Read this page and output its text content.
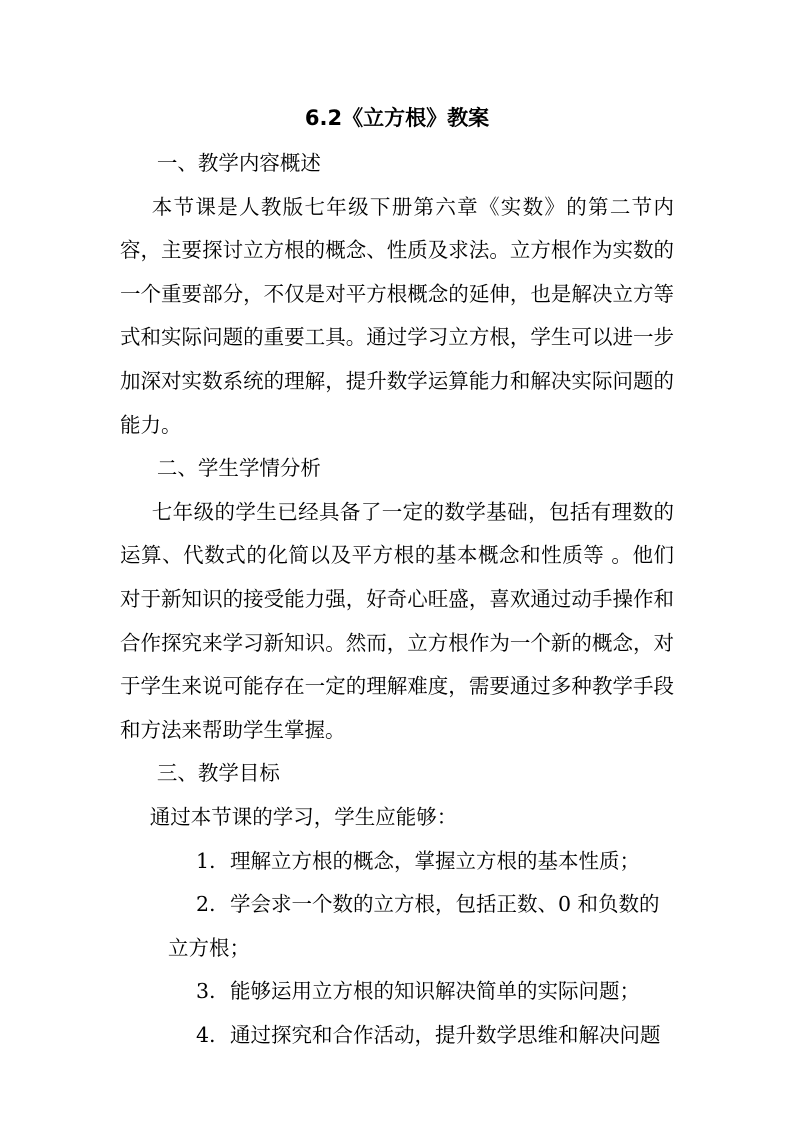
6.2《立方根》教案

一、教学内容概述

本节课是人教版七年级下册第六章《实数》的第二节内容，主要探讨立方根的概念、性质及求法。立方根作为实数的一个重要部分，不仅是对平方根概念的延伸，也是解决立方等式和实际问题的重要工具。通过学习立方根，学生可以进一步加深对实数系统的理解，提升数学运算能力和解决实际问题的能力。

二、学生学情分析

七年级的学生已经具备了一定的数学基础，包括有理数的运算、代数式的化简以及平方根的基本概念和性质等 。他们对于新知识的接受能力强，好奇心旺盛，喜欢通过动手操作和合作探究来学习新知识。然而，立方根作为一个新的概念，对于学生来说可能存在一定的理解难度，需要通过多种教学手段和方法来帮助学生掌握。

三、教学目标

通过本节课的学习，学生应能够：

1. 理解立方根的概念，掌握立方根的基本性质；
2. 学会求一个数的立方根，包括正数、0 和负数的
立方根；
3. 能够运用立方根的知识解决简单的实际问题；
4. 通过探究和合作活动，提升数学思维和解决问题
